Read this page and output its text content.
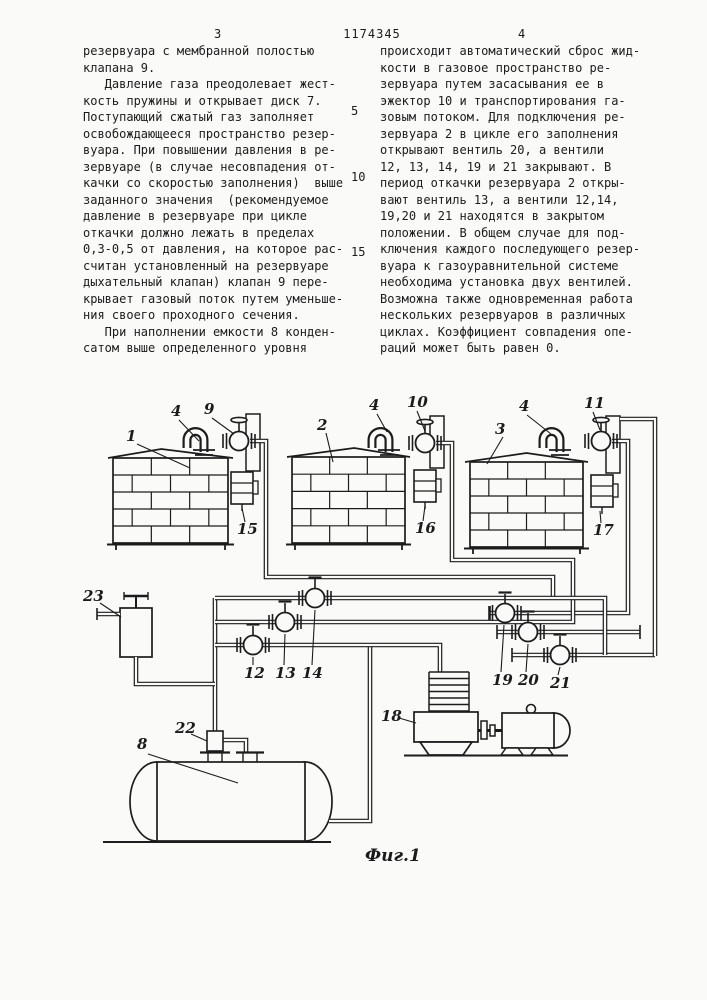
3	1174345	4
резервуара с мембранной полостью
клапана 9.
Давление газа преодолевает жест-
кость пружины и открывает диск 7.
Поступающий сжатый газ заполняет
освобождающееся пространство резер-
вуара. При повышении давления в ре-
зервуаре (в случае несовпадения от-
качки со скоростью заполнения)  выше
заданного значения  (рекомендуемое
давление в резервуаре при цикле
откачки должно лежать в пределах
0,3-0,5 от давления, на которое рас-
считан установленный на резервуаре
дыхательный клапан) клапан 9 пере-
крывает газовый поток путем уменьше-
ния своего проходного сечения.
При наполнении емкости 8 конден-
сатом выше определенного уровня
происходит автоматический сброс жид-
кости в газовое пространство ре-
зервуара путем засасывания ее в
эжектор 10 и транспортирования га-
зовым потоком. Для подключения ре-
зервуара 2 в цикле его заполнения
открывают вентиль 20, а вентили
12, 13, 14, 19 и 21 закрывают. В
период откачки резервуара 2 откры-
вают вентиль 13, а вентили 12,14,
19,20 и 21 находятся в закрытом
положении. В общем случае для под-
ключения каждого последующего резер-
вуара к газоуравнительной системе
необходима установка двух вентилей.
Возможна также одновременная работа
нескольких резервуаров в различных
циклах. Коэффициент совпадения опе-
раций может быть равен 0.
5
10
15
1
4 9
2
4 10
3
4	11
15	16	17
23
12 13 14	19 20 21
18
22
8
Фиг.1
